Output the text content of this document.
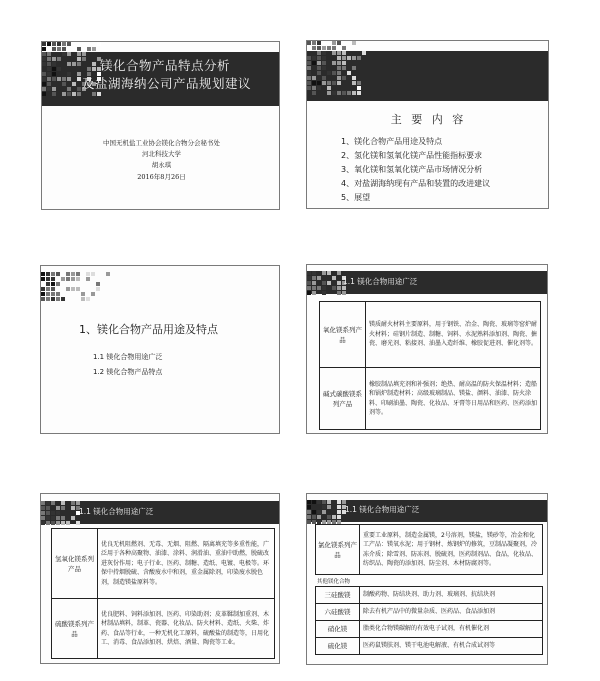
镁化合物产品特点分析
及盐湖海纳公司产品规划建议
中国无机盐工业协会镁化合物分会秘书处
河北科技大学
胡永琪
2016年8月26日
主 要 内 容
1、镁化合物产品用途及特点
2、氢化镁和氢氧化镁产品性能指标要求
3、氧化镁和氢氧化镁产品市场情况分析
4、对盐湖海纳现有产品和装置的改进建议
5、展望
1、镁化合物产品用途及特点
1.1 镁化合物用途广泛
1.2 镁化合物产品特点
1.1 镁化合物用途广泛
氧化镁系列产品	镁质耐火材料主要原料，用于钢铁、冶金、陶瓷、玻璃等窑炉耐火材料；硅钢片制造、制糖、饲料、水泥熟料添加剂、陶瓷、搪瓷、磨光剂、粘接剂、油墨入造纤维、橡胶促进剂、催化剂等。
碱式碳酸镁系列产品	橡胶制品填充剂和补强剂；绝热、耐高温的防火保温材料；造船和锅炉制造材料；高级玻璃制品、镁盐、颜料、油漆、防火涂料、印刷油墨、陶瓷、化妆品、牙膏等日用品和医药、医药添加剂等。
1.1 镁化合物用途广泛
氢氧化镁系列产品	优良无机阻燃剂、无毒、无烟、阻燃、隔离填充等多重性能，广泛用于各种高聚物、油漆、涂料、润滑油、重油中助燃，脱硫改进灰份作用；电子行业、医药、制糖、造纸、电镀、电极等。环保中持烟脱硫、含酸废水中和剂，重金属除剂，印染废水脱色剂，制造镁盐原料等。
硫酸镁系列产品	优良肥料、饲料添加剂、医药、印染助剂；皮革鞣制加重剂、木材制品填料，制革、瓷器、化妆品、防火材料、造纸、火柴、炸药、食品等行业，一种无机化工原料，硫酸盐的制造等，日用化工、消毒、食品添加剂、烘焙、酒量、陶瓷等工业。
1.1 镁化合物用途广泛
氯化镁系列产品	重要工业原料，制造金属镁，2号溶剂，镁盐，镁砂等，冶金和化工产品：镁氧水泥；用于钢材、炼钢炉的修筑，豆制品凝聚剂，冷冻介质；除雪剂、防冻剂、脱硫剂，医药制剂品、食品，化妆品、纺织品、陶瓷的添加剂、防尘剂、木材防腐剂等。
其他镁化合物
三硅酸镁	制酸药物、防结块剂、助力剂、玻璃剂、抗结块剂
六硅酸镁	除去有机产品中的微量杂质、医药品、食品添加剂
硝化镁	脂类化合物镁碳解的有效电子试剂，有机催化剂
硫化镁	医药鼠镁肤剂、镁干电池电解液、有机合成试剂等
